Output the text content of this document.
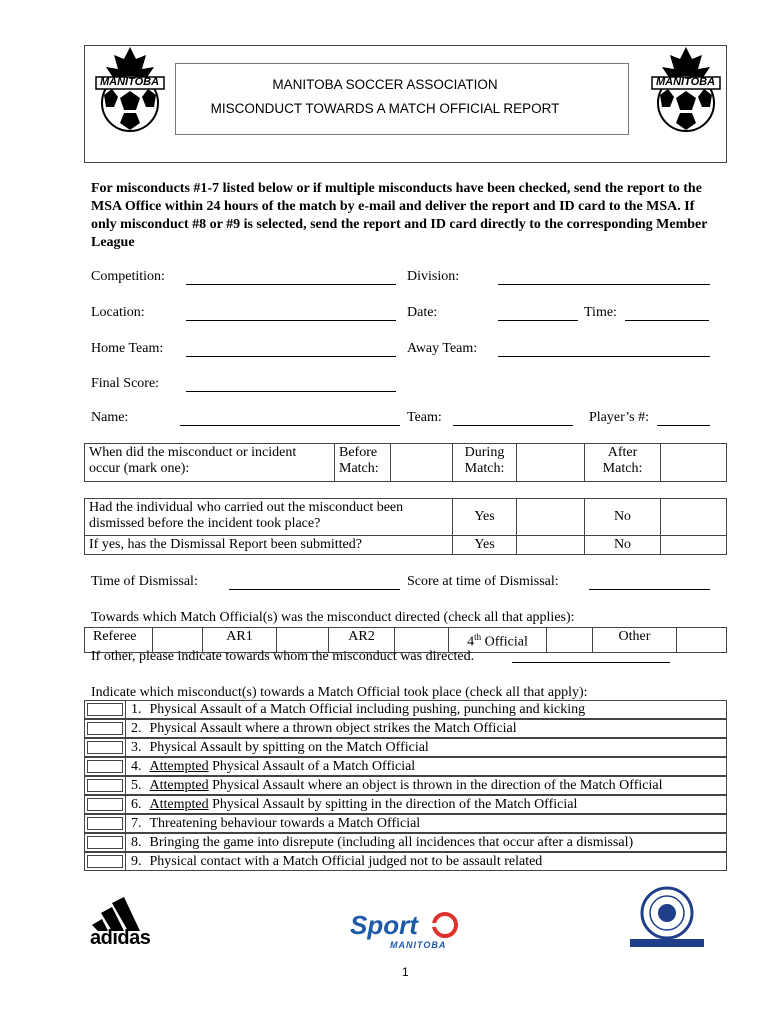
MANITOBA SOCCER ASSOCIATION
MISCONDUCT TOWARDS A MATCH OFFICIAL REPORT
MANITOBA	MANITOBA
For misconducts #1-7 listed below or if multiple misconducts have been checked, send the report to the MSA Office within 24 hours of the match by e-mail and deliver the report and ID card to the MSA. If only misconduct #8 or #9 is selected, send the report and ID card directly to the corresponding Member League
Competition:	Division:
Location:	Date:	Time:
Home Team:	Away Team:
Final Score:
Name:	Team:	Player’s #:
When did the misconduct or incident occur (mark one):	Before Match:		During Match:		After Match:	
Had the individual who carried out the misconduct been dismissed before the incident took place?	Yes		No	
If yes, has the Dismissal Report been submitted?	Yes		No	
Time of Dismissal:	Score at time of Dismissal:
Towards which Match Official(s) was the misconduct directed (check all that applies):
Referee		AR1		AR2		4th Official		Other	
If other, please indicate towards whom the misconduct was directed.
Indicate which misconduct(s) towards a Match Official took place (check all that apply):
1. Physical Assault of a Match Official including pushing, punching and kicking
2. Physical Assault where a thrown object strikes the Match Official
3. Physical Assault by spitting on the Match Official
4. Attempted Physical Assault of a Match Official
5. Attempted Physical Assault where an object is thrown in the direction of the Match Official
6. Attempted Physical Assault by spitting in the direction of the Match Official
7. Threatening behaviour towards a Match Official
8. Bringing the game into disrepute (including all incidences that occur after a dismissal)
9. Physical contact with a Match Official judged not to be assault related
adidas	Sport
MANITOBA
1
